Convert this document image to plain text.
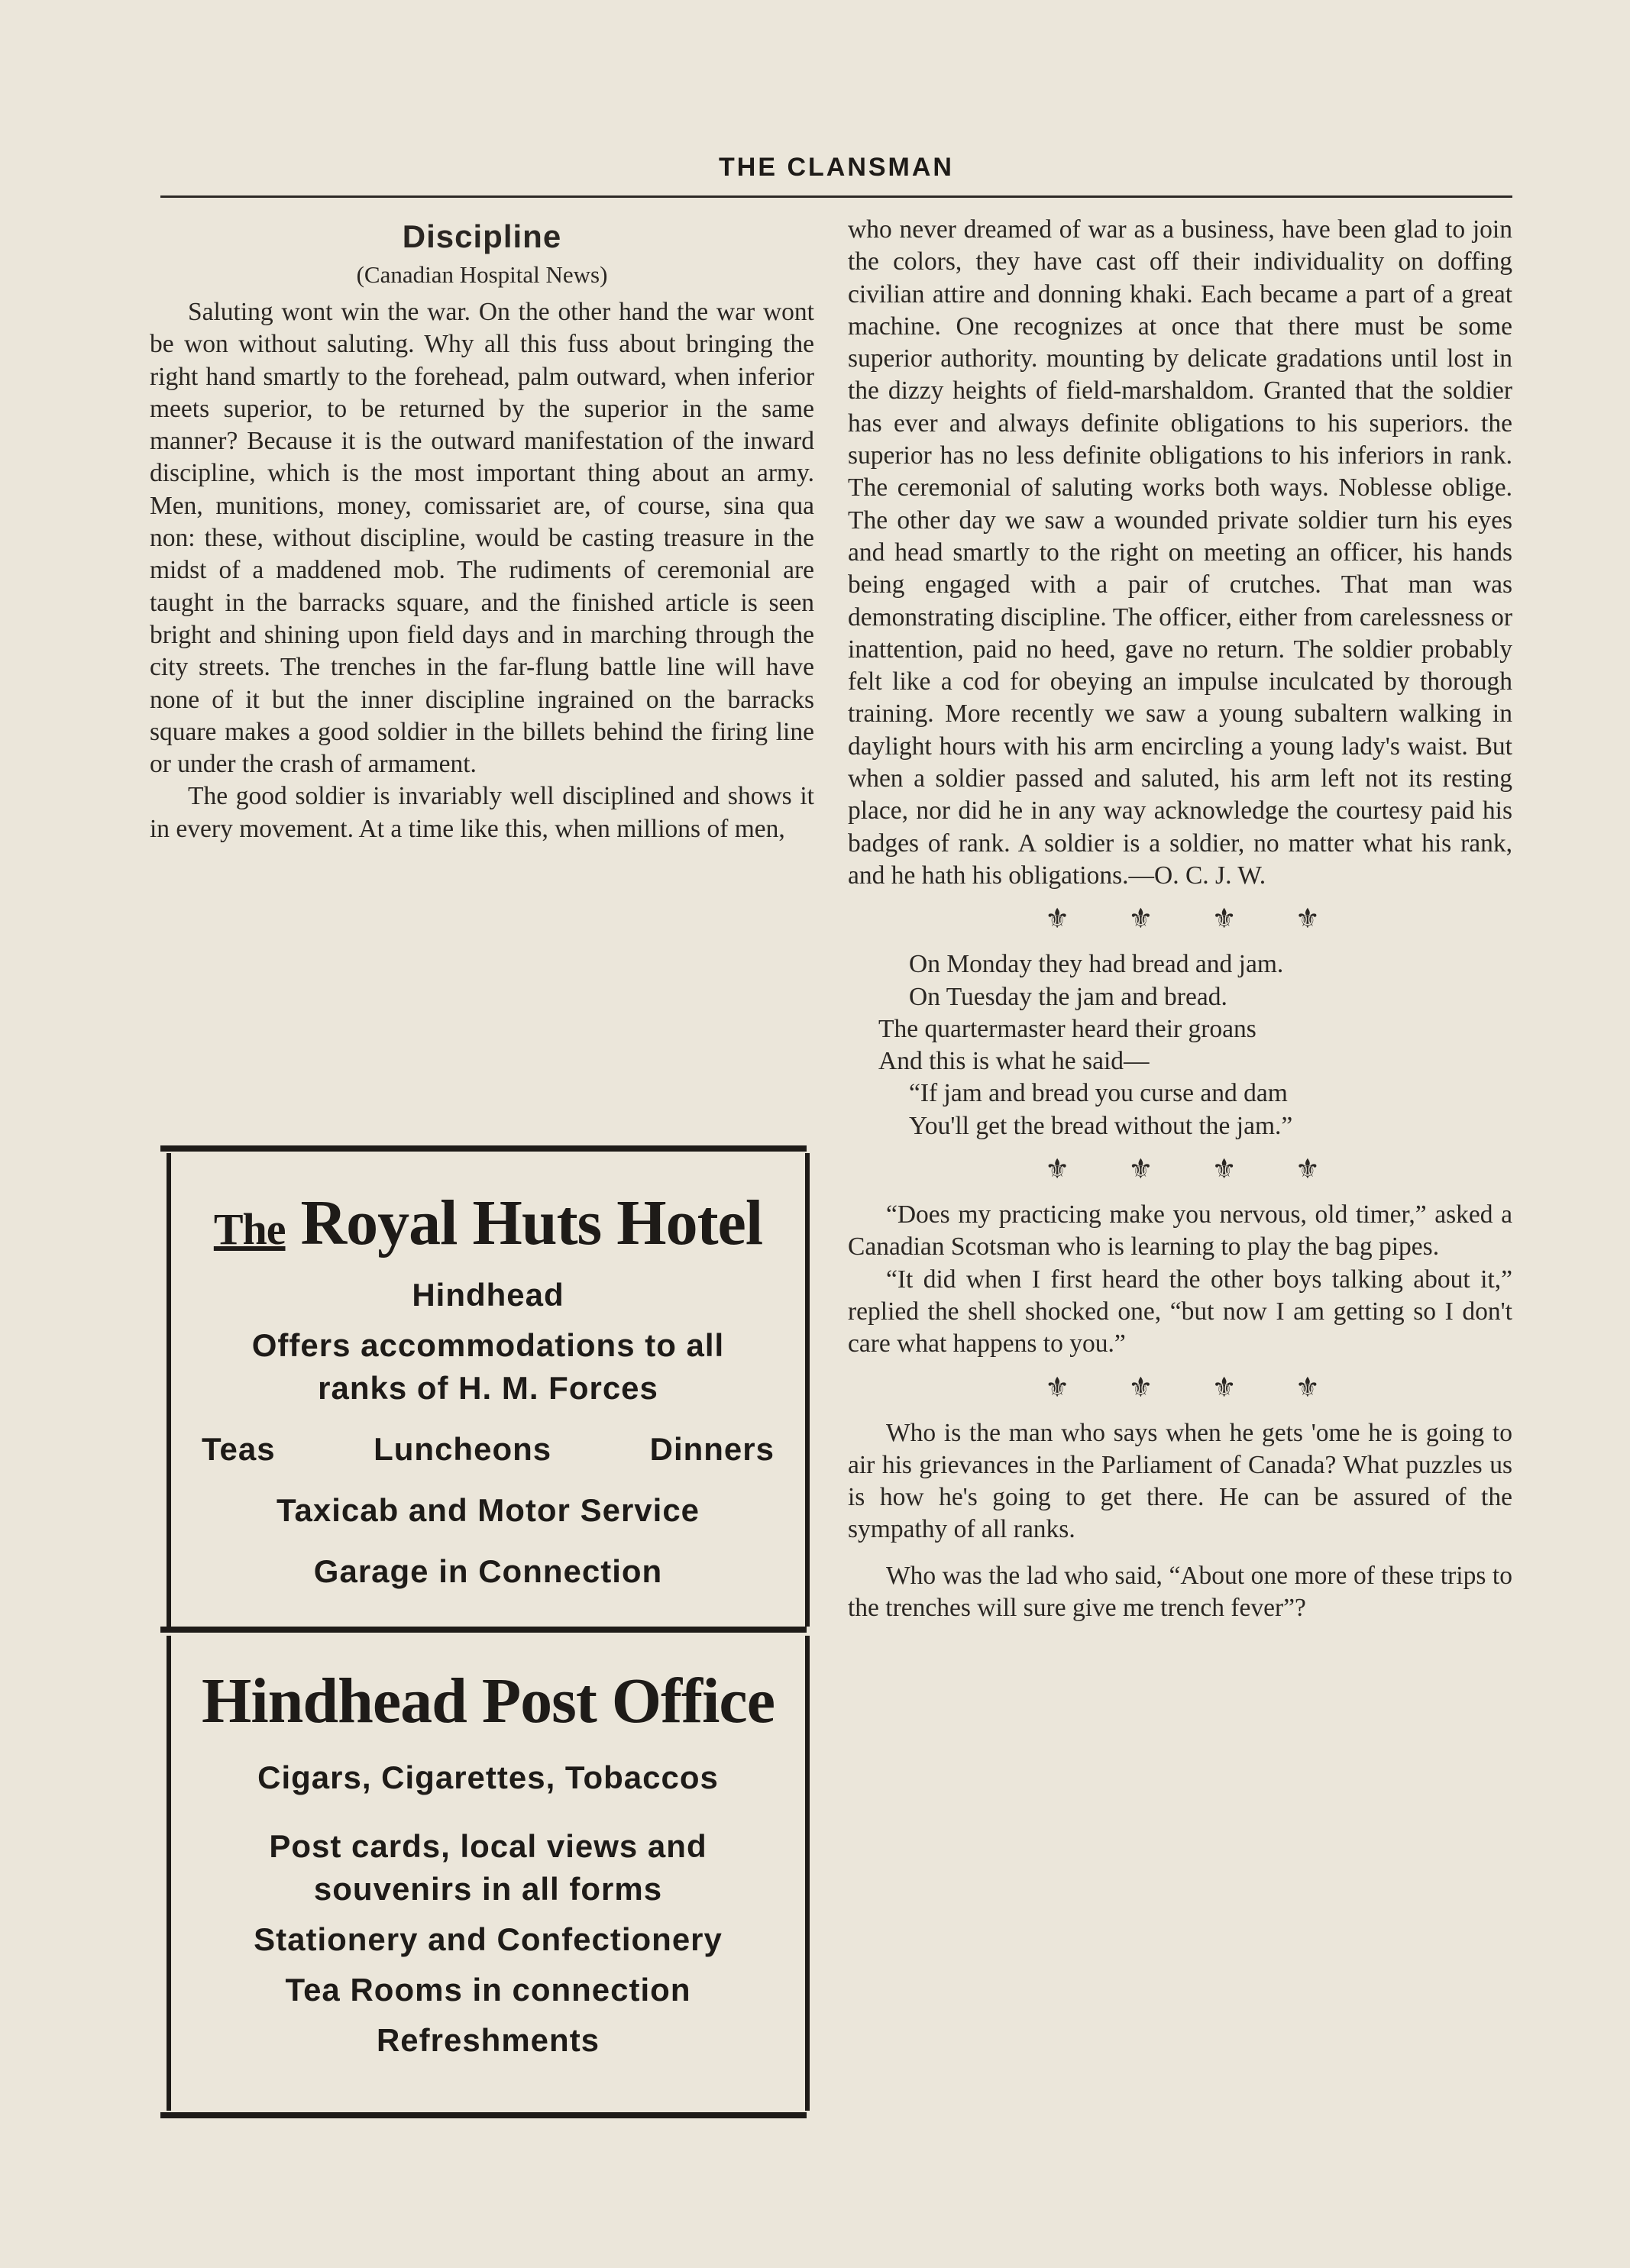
THE CLANSMAN
Discipline
(Canadian Hospital News)

Saluting wont win the war. On the other hand the war wont be won without saluting. Why all this fuss about bringing the right hand smartly to the forehead, palm outward, when inferior meets superior, to be returned by the superior in the same manner? Because it is the outward manifestation of the inward discipline, which is the most important thing about an army. Men, munitions, money, comissariet are, of course, sina qua non: these, without discipline, would be casting treasure in the midst of a maddened mob. The rudiments of ceremonial are taught in the barracks square, and the finished article is seen bright and shining upon field days and in marching through the city streets. The trenches in the far-flung battle line will have none of it but the inner discipline ingrained on the barracks square makes a good soldier in the billets behind the firing line or under the crash of armament.

The good soldier is invariably well disciplined and shows it in every movement. At a time like this, when millions of men,

The Royal Huts Hotel
Hindhead
Offers accommodations to all
ranks of H. M. Forces
Teas	Luncheons	Dinners
Taxicab and Motor Service
Garage in Connection
Hindhead Post Office
Cigars, Cigarettes, Tobaccos
Post cards, local views and
souvenirs in all forms
Stationery and Confectionery
Tea Rooms in connection
Refreshments

who never dreamed of war as a business, have been glad to join the colors, they have cast off their individuality on doffing civilian attire and donning khaki. Each became a part of a great machine. One recognizes at once that there must be some superior authority. mounting by delicate gradations until lost in the dizzy heights of field-marshaldom. Granted that the soldier has ever and always definite obligations to his superiors. the superior has no less definite obligations to his inferiors in rank. The ceremonial of saluting works both ways. Noblesse oblige. The other day we saw a wounded private soldier turn his eyes and head smartly to the right on meeting an officer, his hands being engaged with a pair of crutches. That man was demonstrating discipline. The officer, either from carelessness or inattention, paid no heed, gave no return. The soldier probably felt like a cod for obeying an impulse inculcated by thorough training. More recently we saw a young subaltern walking in daylight hours with his arm encircling a young lady's waist. But when a soldier passed and saluted, his arm left not its resting place, nor did he in any way acknowledge the courtesy paid his badges of rank. A soldier is a soldier, no matter what his rank, and he hath his obligations.—O. C. J. W.

⚜ ⚜ ⚜ ⚜
On Monday they had bread and jam.
On Tuesday the jam and bread.
The quartermaster heard their groans
And this is what he said—
“If jam and bread you curse and dam
You'll get the bread without the jam.”
⚜ ⚜ ⚜ ⚜

“Does my practicing make you nervous, old timer,” asked a Canadian Scotsman who is learning to play the bag pipes.

“It did when I first heard the other boys talking about it,” replied the shell shocked one, “but now I am getting so I don't care what happens to you.”

⚜ ⚜ ⚜ ⚜

Who is the man who says when he gets 'ome he is going to air his grievances in the Parliament of Canada? What puzzles us is how he's going to get there. He can be assured of the sympathy of all ranks.

Who was the lad who said, “About one more of these trips to the trenches will sure give me trench fever”?
